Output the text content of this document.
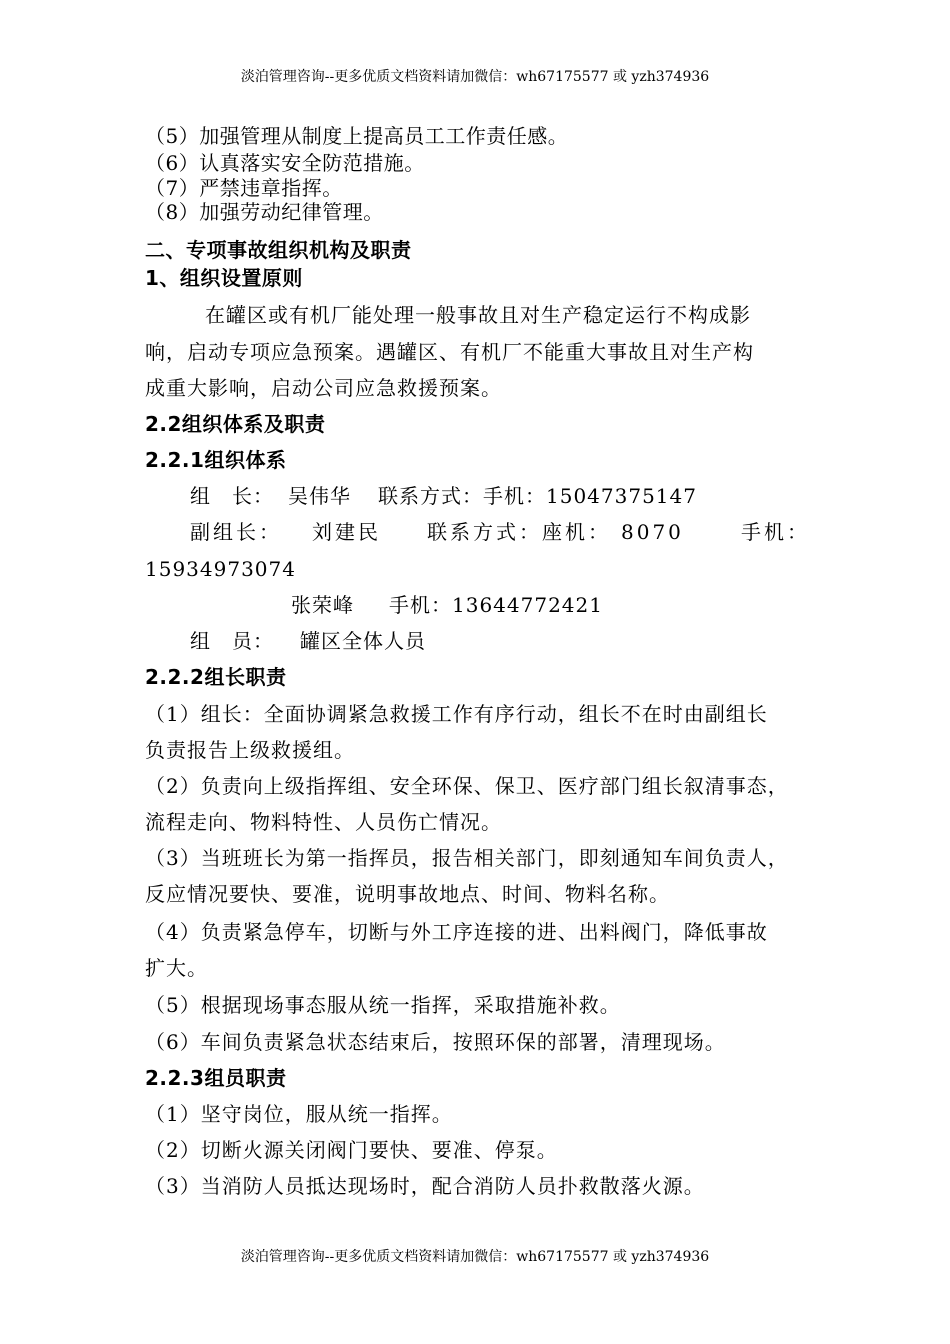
淡泊管理咨询--更多优质文档资料请加微信：wh67175577 或 yzh374936
（5）加强管理从制度上提高员工工作责任感。
（6）认真落实安全防范措施。
（7）严禁违章指挥。
（8）加强劳动纪律管理。
二、专项事故组织机构及职责
1、组织设置原则
在罐区或有机厂能处理一般事故且对生产稳定运行不构成影
响，启动专项应急预案。遇罐区、有机厂不能重大事故且对生产构
成重大影响，启动公司应急救援预案。
2.2组织体系及职责
2.2.1组织体系
组　长： 吴伟华 联系方式：手机：15047375147
副组长： 刘建民 联系方式：座机： 8070	手机：
15934973074
张荣峰 手机：13644772421
组　员： 罐区全体人员
2.2.2组长职责
（1）组长：全面协调紧急救援工作有序行动，组长不在时由副组长
负责报告上级救援组。
（2）负责向上级指挥组、安全环保、保卫、医疗部门组长叙清事态，
流程走向、物料特性、人员伤亡情况。
（3）当班班长为第一指挥员，报告相关部门，即刻通知车间负责人，
反应情况要快、要准，说明事故地点、时间、物料名称。
（4）负责紧急停车，切断与外工序连接的进、出料阀门，降低事故
扩大。
（5）根据现场事态服从统一指挥，采取措施补救。
（6）车间负责紧急状态结束后，按照环保的部署，清理现场。
2.2.3组员职责
（1）坚守岗位，服从统一指挥。
（2）切断火源关闭阀门要快、要准、停泵。
（3）当消防人员抵达现场时，配合消防人员扑救散落火源。
淡泊管理咨询--更多优质文档资料请加微信：wh67175577 或 yzh374936
